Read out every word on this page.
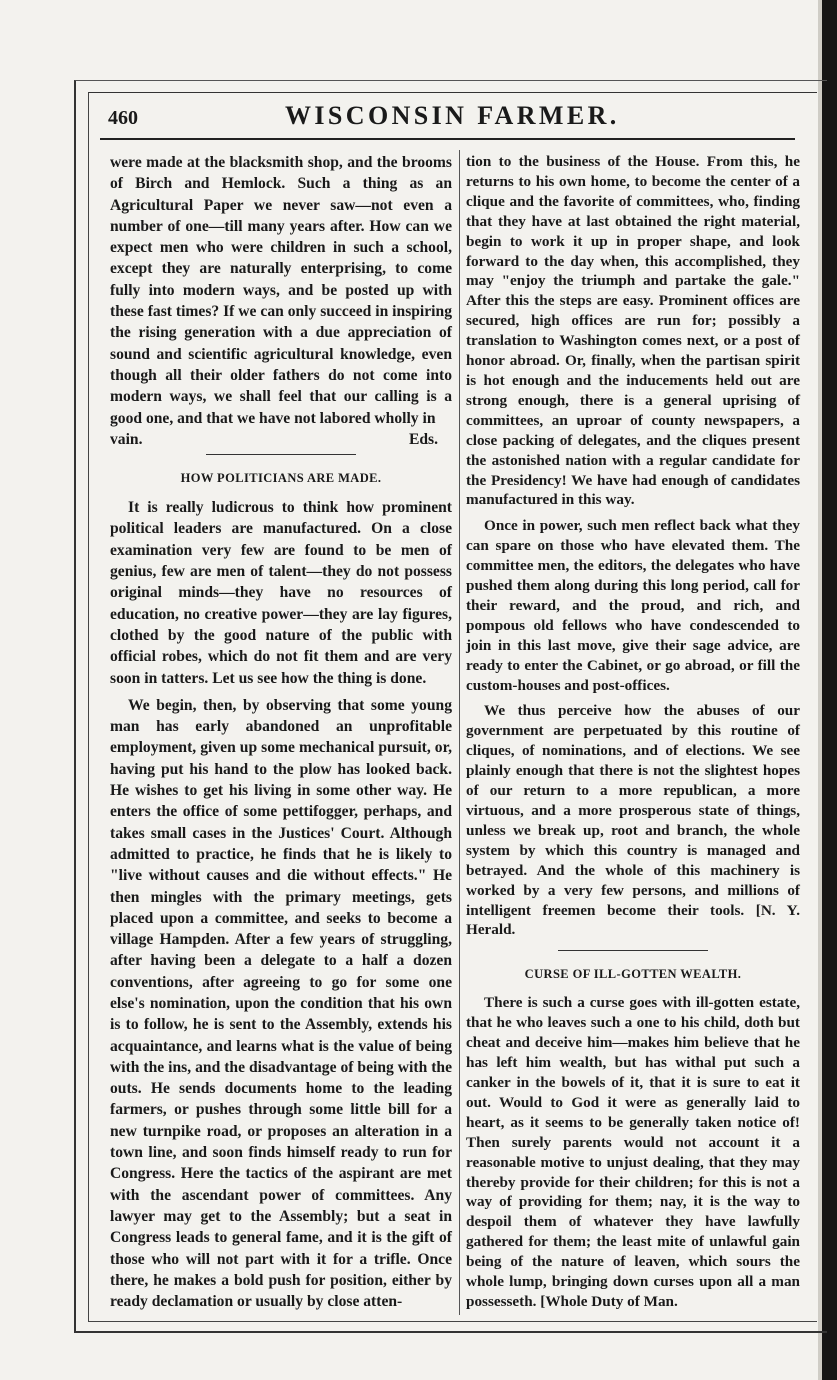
460	WISCONSIN FARMER.

were made at the blacksmith shop, and the brooms of Birch and Hemlock. Such a thing as an Agricultural Paper we never saw—not even a number of one—till many years after. How can we expect men who were children in such a school, except they are naturally enterprising, to come fully into modern ways, and be posted up with these fast times? If we can only succeed in inspiring the rising generation with a due appreciation of sound and scientific agricultural knowledge, even though all their older fathers do not come into modern ways, we shall feel that our calling is a good one, and that we have not labored wholly in

vain.	Eds.
HOW POLITICIANS ARE MADE.

It is really ludicrous to think how prominent political leaders are manufactured. On a close examination very few are found to be men of genius, few are men of talent—they do not possess original minds—they have no resources of education, no creative power—they are lay figures, clothed by the good nature of the public with official robes, which do not fit them and are very soon in tatters. Let us see how the thing is done.

We begin, then, by observing that some young man has early abandoned an unprofitable employment, given up some mechanical pursuit, or, having put his hand to the plow has looked back. He wishes to get his living in some other way. He enters the office of some pettifogger, perhaps, and takes small cases in the Justices' Court. Although admitted to practice, he finds that he is likely to "live without causes and die without effects." He then mingles with the primary meetings, gets placed upon a committee, and seeks to become a village Hampden. After a few years of struggling, after having been a delegate to a half a dozen conventions, after agreeing to go for some one else's nomination, upon the condition that his own is to follow, he is sent to the Assembly, extends his acquaintance, and learns what is the value of being with the ins, and the disadvantage of being with the outs. He sends documents home to the leading farmers, or pushes through some little bill for a new turnpike road, or proposes an alteration in a town line, and soon finds himself ready to run for Congress. Here the tactics of the aspirant are met with the ascendant power of committees. Any lawyer may get to the Assembly; but a seat in Congress leads to general fame, and it is the gift of those who will not part with it for a trifle. Once there, he makes a bold push for position, either by ready declamation or usually by close atten-

tion to the business of the House. From this, he returns to his own home, to become the center of a clique and the favorite of committees, who, finding that they have at last obtained the right material, begin to work it up in proper shape, and look forward to the day when, this accomplished, they may "enjoy the triumph and partake the gale." After this the steps are easy. Prominent offices are secured, high offices are run for; possibly a translation to Washington comes next, or a post of honor abroad. Or, finally, when the partisan spirit is hot enough and the inducements held out are strong enough, there is a general uprising of committees, an uproar of county newspapers, a close packing of delegates, and the cliques present the astonished nation with a regular candidate for the Presidency! We have had enough of candidates manufactured in this way.

Once in power, such men reflect back what they can spare on those who have elevated them. The committee men, the editors, the delegates who have pushed them along during this long period, call for their reward, and the proud, and rich, and pompous old fellows who have condescended to join in this last move, give their sage advice, are ready to enter the Cabinet, or go abroad, or fill the custom-houses and post-offices.

We thus perceive how the abuses of our government are perpetuated by this routine of cliques, of nominations, and of elections. We see plainly enough that there is not the slightest hopes of our return to a more republican, a more virtuous, and a more prosperous state of things, unless we break up, root and branch, the whole system by which this country is managed and betrayed. And the whole of this machinery is worked by a very few persons, and millions of intelligent freemen become their tools. [N. Y. Herald.

CURSE OF ILL-GOTTEN WEALTH.

There is such a curse goes with ill-gotten estate, that he who leaves such a one to his child, doth but cheat and deceive him—makes him believe that he has left him wealth, but has withal put such a canker in the bowels of it, that it is sure to eat it out. Would to God it were as generally laid to heart, as it seems to be generally taken notice of! Then surely parents would not account it a reasonable motive to unjust dealing, that they may thereby provide for their children; for this is not a way of providing for them; nay, it is the way to despoil them of whatever they have lawfully gathered for them; the least mite of unlawful gain being of the nature of leaven, which sours the whole lump, bringing down curses upon all a man possesseth. [Whole Duty of Man.
